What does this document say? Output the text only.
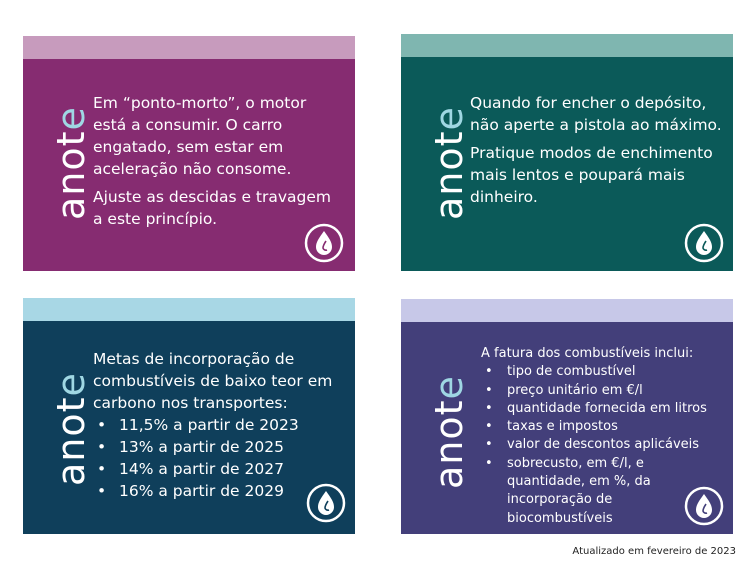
anote

Em “ponto-morto”, o motor está a consumir. O carro engatado, sem estar em aceleração não consome.

Ajuste as descidas e travagem a este princípio.	anote

Quando for encher o depósito, não aperte a pistola ao máximo.

Pratique modos de enchimento mais lentos e poupará mais dinheiro.

anote

Metas de incorporação de combustíveis de baixo teor em carbono nos transportes:

• 11,5% a partir de 2023
• 13% a partir de 2025
• 14% a partir de 2027
• 16% a partir de 2029
anote

A fatura dos combustíveis inclui:

• tipo de combustível
• preço unitário em €/l
• quantidade fornecida em litros
• taxas e impostos
• valor de descontos aplicáveis
• sobrecusto, em €/l, e quantidade, em %, da incorporação de biocombustíveis
Atualizado em fevereiro de 2023
